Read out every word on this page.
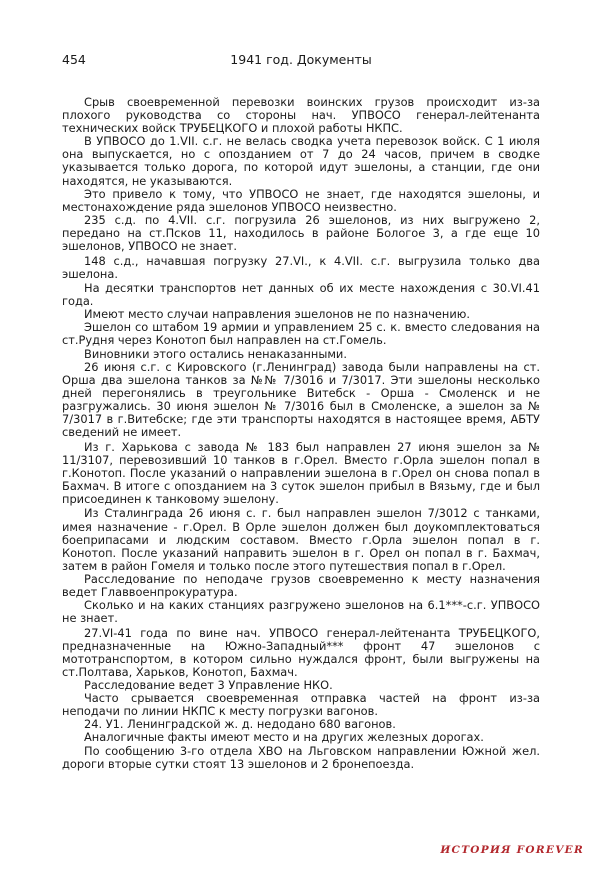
454	1941 год. Документы

Срыв своевременной перевозки воинских грузов происходит из-за плохого руководства со стороны нач. УПВОСО генерал-лейтенанта технических войск ТРУБЕЦКОГО и плохой работы НКПС.

В УПВОСО до 1.VII. с.г. не велась сводка учета перевозок войск. С 1 июля она выпускается, но с опозданием от 7 до 24 часов, причем в сводке указывается только дорога, по которой идут эшелоны, а станции, где они находятся, не указываются.

Это привело к тому, что УПВОСО не знает, где находятся эшелоны, и местонахождение ряда эшелонов УПВОСО неизвестно.

235 с.д. по 4.VII. с.г. погрузила 26 эшелонов, из них выгружено 2, передано на ст.Псков 11, находилось в районе Бологое 3, а где еще 10 эшелонов, УПВОСО не знает.

148 с.д., начавшая погрузку 27.VI., к 4.VII. с.г. выгрузила только два эшелона.

На десятки транспортов нет данных об их месте нахождения с 30.VI.41 года.

Имеют место случаи направления эшелонов не по назначению.

Эшелон со штабом 19 армии и управлением 25 с. к. вместо следования на ст.Рудня через Конотоп был направлен на ст.Гомель.

Виновники этого остались ненаказанными.

26 июня с.г. с Кировского (г.Ленинград) завода были направлены на ст. Орша два эшелона танков за №№ 7/3016 и 7/3017. Эти эшелоны несколько дней перегонялись в треугольнике Витебск - Орша - Смоленск и не разгружались. 30 июня эшелон № 7/3016 был в Смоленске, а эшелон за № 7/3017 в г.Витебске; где эти транспорты находятся в настоящее время, АБТУ сведений не имеет.

Из г. Харькова с завода № 183 был направлен 27 июня эшелон за № 11/3107, перевозивший 10 танков в г.Орел. Вместо г.Орла эшелон попал в г.Конотоп. После указаний о направлении эшелона в г.Орел он снова попал в Бахмач. В итоге с опозданием на 3 суток эшелон прибыл в Вязьму, где и был присоединен к танковому эшелону.

Из Сталинграда 26 июня с. г. был направлен эшелон 7/3012 с танками, имея назначение - г.Орел. В Орле эшелон должен был доукомплектоваться боеприпасами и людским составом. Вместо г.Орла эшелон попал в г. Конотоп. После указаний направить эшелон в г. Орел он попал в г. Бахмач, затем в район Гомеля и только после этого путешествия попал в г.Орел.

Расследование по неподаче грузов своевременно к месту назначения ведет Главвоенпрокуратура.

Сколько и на каких станциях разгружено эшелонов на 6.1***-с.г. УПВОСО не знает.

27.VI-41 года по вине нач. УПВОСО генерал-лейтенанта ТРУБЕЦКОГО, предназначенные на Южно-Западный*** фронт 47 эшелонов с мототранспортом, в котором сильно нуждался фронт, были выгружены на ст.Полтава, Харьков, Конотоп, Бахмач.

Расследование ведет 3 Управление НКО.

Часто срывается своевременная отправка частей на фронт из-за неподачи по линии НКПС к месту погрузки вагонов.

24. У1. Ленинградской ж. д. недодано 680 вагонов.

Аналогичные факты имеют место и на других железных дорогах.

По сообщению 3-го отдела ХВО на Льговском направлении Южной жел. дороги вторые сутки стоят 13 эшелонов и 2 бронепоезда.

ИСТОРИЯ FOREVER
